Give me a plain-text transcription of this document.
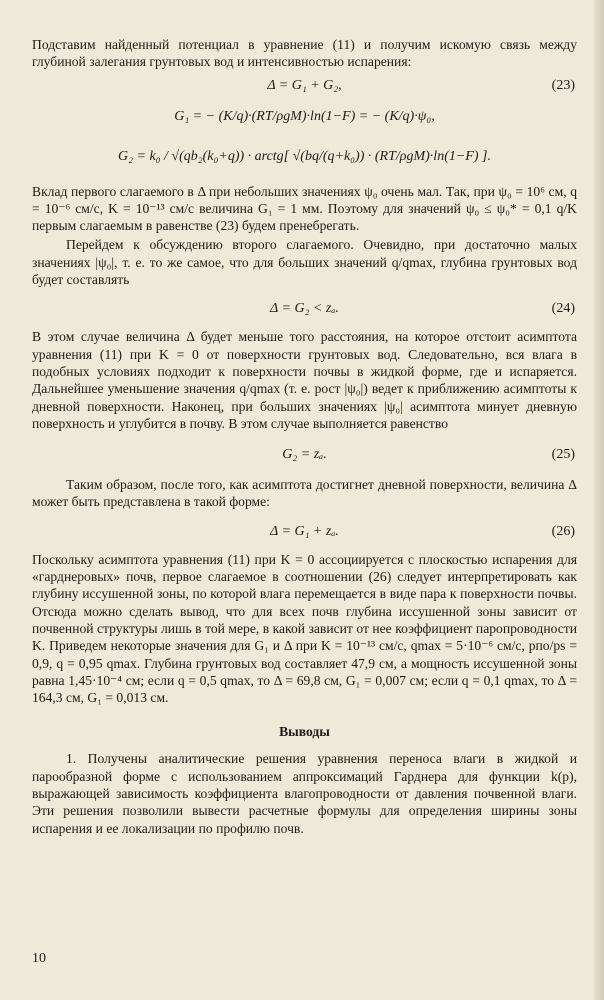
Подставим найденный потенциал в уравнение (11) и получим искомую связь между глубиной залегания грунтовых вод и интенсивностью испарения:

Δ = G₁ + G₂,	(23)
G₁ = − (K/q)·(RT/ρgM)·ln(1−F) = − (K/q)·ψ₀,
G₂ = k₀ / √(qb₂(k₀+q)) · arctg[ √(bq/(q+k₀)) · (RT/ρgM)·ln(1−F) ].

Вклад первого слагаемого в Δ при небольших значениях ψ₀ очень мал. Так, при ψ₀ = 10⁶ см, q = 10⁻⁶ см/с, K = 10⁻¹³ см/с величина G₁ = 1 мм. Поэтому для значений ψ₀ ≤ ψ₀* = 0,1 q/K первым слагаемым в равенстве (23) будем пренебрегать.

Перейдем к обсуждению второго слагаемого. Очевидно, при достаточно малых значениях |ψ₀|, т. е. то же самое, что для больших значений q/qmax, глубина грунтовых вод будет составлять

Δ = G₂ < zₐ.	(24)

В этом случае величина Δ будет меньше того расстояния, на которое отстоит асимптота уравнения (11) при K = 0 от поверхности грунтовых вод. Следовательно, вся влага в подобных условиях подходит к поверхности почвы в жидкой форме, где и испаряется. Дальнейшее уменьшение значения q/qmax (т. е. рост |ψ₀|) ведет к приближению асимптоты к дневной поверхности. Наконец, при больших значениях |ψ₀| асимптота минует дневную поверхность и углубится в почву. В этом случае выполняется равенство

G₂ = zₐ.	(25)

Таким образом, после того, как асимптота достигнет дневной поверхности, величина Δ может быть представлена в такой форме:

Δ = G₁ + zₐ.	(26)

Поскольку асимптота уравнения (11) при K = 0 ассоциируется с плоскостью испарения для «гарднеровых» почв, первое слагаемое в соотношении (26) следует интерпретировать как глубину иссушенной зоны, по которой влага перемещается в виде пара к поверхности почвы. Отсюда можно сделать вывод, что для всех почв глубина иссушенной зоны зависит от почвенной структуры лишь в той мере, в какой зависит от нее коэффициент паропроводности K. Приведем некоторые значения для G₁ и Δ при K = 10⁻¹³ см/с, qmax = 5·10⁻⁶ см/с, pпо/ps = 0,9, q = 0,95 qmax. Глубина грунтовых вод составляет 47,9 см, а мощность иссушенной зоны равна 1,45·10⁻⁴ см; если q = 0,5 qmax, то Δ = 69,8 см, G₁ = 0,007 см; если q = 0,1 qmax, то Δ = 164,3 см, G₁ = 0,013 см.

Выводы

1. Получены аналитические решения уравнения переноса влаги в жидкой и парообразной форме с использованием аппроксимаций Гарднера для функции k(p), выражающей зависимость коэффициента влагопроводности от давления почвенной влаги. Эти решения позволили вывести расчетные формулы для определения ширины зоны испарения и ее локализации по профилю почв.

10
